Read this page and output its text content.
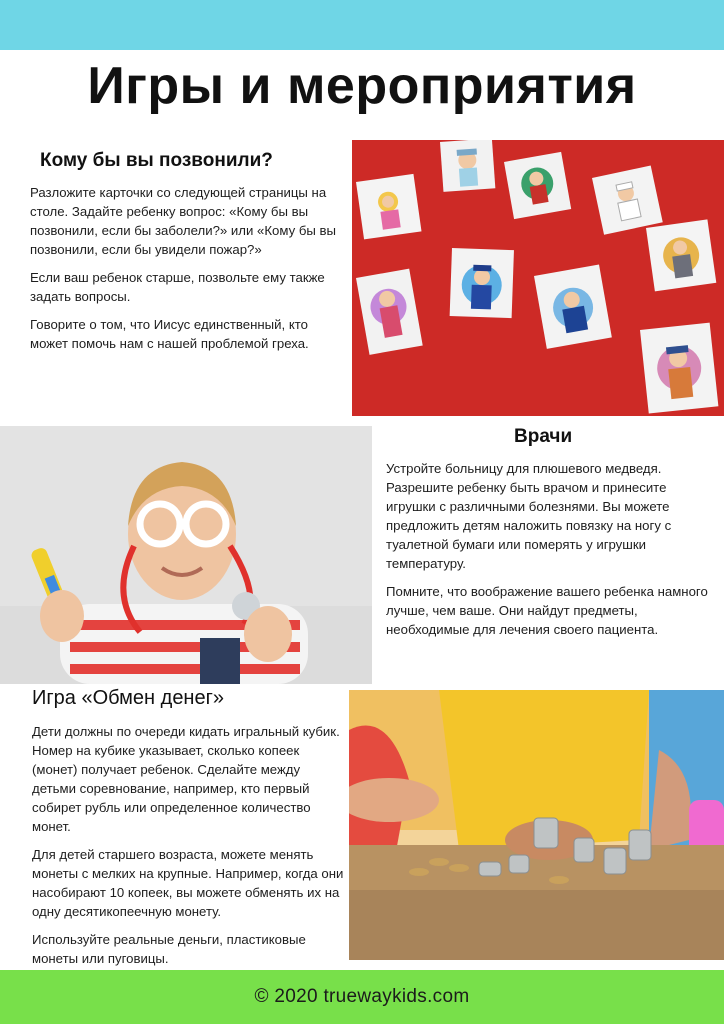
Игры и мероприятия
Кому бы вы позвонили?

Разложите карточки со следующей страницы на столе. Задайте ребенку вопрос: «Кому бы вы позвонили, если бы заболели?» или «Кому бы вы позвонили, если бы увидели пожар?»

Если ваш ребенок старше, позвольте ему также задать вопросы.

Говорите о том, что Иисус единственный, кто может помочь нам с нашей проблемой греха.

Врачи

Устройте больницу для плюшевого медведя. Разрешите ребенку быть врачом и принесите игрушки с различными болезнями. Вы можете предложить детям наложить повязку на ногу с туалетной бумаги или померять у игрушки температуру.

Помните, что воображение вашего ребенка намного лучше, чем ваше. Они найдут предметы, необходимые для лечения своего пациента.

Игра «Обмен денег»

Дети должны по очереди кидать игральный кубик. Номер на кубике указывает, сколько копеек (монет) получает ребенок. Сделайте между детьми соревнование, например, кто первый собирет рубль или определенное количество монет.

Для детей старшего возраста, можете менять монеты с мелких на крупные. Например, когда они насобирают 10 копеек, вы можете обменять их на одну десятикопеечную монету.

Используйте реальные деньги, пластиковые монеты или пуговицы.

© 2020 truewaykids.com
